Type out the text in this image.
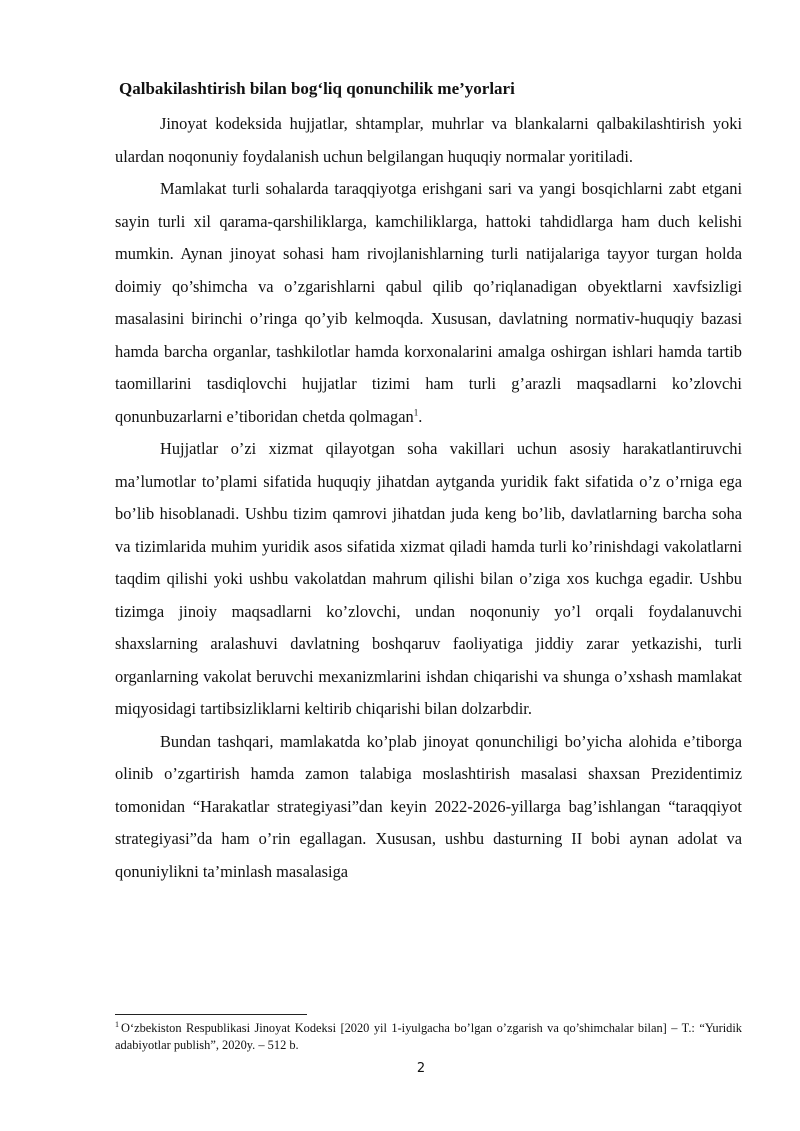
Qalbakilashtirish bilan bog‘liq qonunchilik me’yorlari

Jinoyat kodeksida hujjatlar, shtamplar, muhrlar va blankalarni qalbakilashtirish yoki ulardan noqonuniy foydalanish uchun belgilangan huquqiy normalar yoritiladi.

Mamlakat turli sohalarda taraqqiyotga erishgani sari va yangi bosqichlarni zabt etgani sayin turli xil qarama-qarshiliklarga, kamchiliklarga, hattoki tahdidlarga ham duch kelishi mumkin. Aynan jinoyat sohasi ham rivojlanishlarning turli natijalariga tayyor turgan holda doimiy qo’shimcha va o’zgarishlarni qabul qilib qo’riqlanadigan obyektlarni xavfsizligi masalasini birinchi o’ringa qo’yib kelmoqda. Xususan, davlatning normativ-huquqiy bazasi hamda barcha organlar, tashkilotlar hamda korxonalarini amalga oshirgan ishlari hamda tartib taomillarini tasdiqlovchi hujjatlar tizimi ham turli g’arazli maqsadlarni ko’zlovchi qonunbuzarlarni e’tiboridan chetda qolmagan$^1$.

Hujjatlar o’zi xizmat qilayotgan soha vakillari uchun asosiy harakatlantiruvchi ma’lumotlar to’plami sifatida huquqiy jihatdan aytganda yuridik fakt sifatida o’z o’rniga ega bo’lib hisoblanadi. Ushbu tizim qamrovi jihatdan juda keng bo’lib, davlatlarning barcha soha va tizimlarida muhim yuridik asos sifatida xizmat qiladi hamda turli ko’rinishdagi vakolatlarni taqdim qilishi yoki ushbu vakolatdan mahrum qilishi bilan o’ziga xos kuchga egadir. Ushbu tizimga jinoiy maqsadlarni ko’zlovchi, undan noqonuniy yo’l orqali foydalanuvchi shaxslarning aralashuvi davlatning boshqaruv faoliyatiga jiddiy zarar yetkazishi, turli organlarning vakolat beruvchi mexanizmlarini ishdan chiqarishi va shunga o’xshash mamlakat miqyosidagi tartibsizliklarni keltirib chiqarishi bilan dolzarbdir.

Bundan tashqari, mamlakatda ko’plab jinoyat qonunchiligi bo’yicha alohida e’tiborga olinib o’zgartirish hamda zamon talabiga moslashtirish masalasi shaxsan Prezidentimiz tomonidan “Harakatlar strategiyasi”dan keyin 2022-2026-yillarga bag’ishlangan “taraqqiyot strategiyasi”da ham o’rin egallagan. Xususan, ushbu dasturning II bobi aynan adolat va qonuniylikni ta’minlash masalasiga

$^1$ O‘zbekiston Respublikasi Jinoyat Kodeksi [2020 yil 1-iyulgacha bo’lgan o’zgarish va qo’shimchalar bilan] – T.: “Yuridik adabiyotlar publish”, 2020y. – 512 b.
2
